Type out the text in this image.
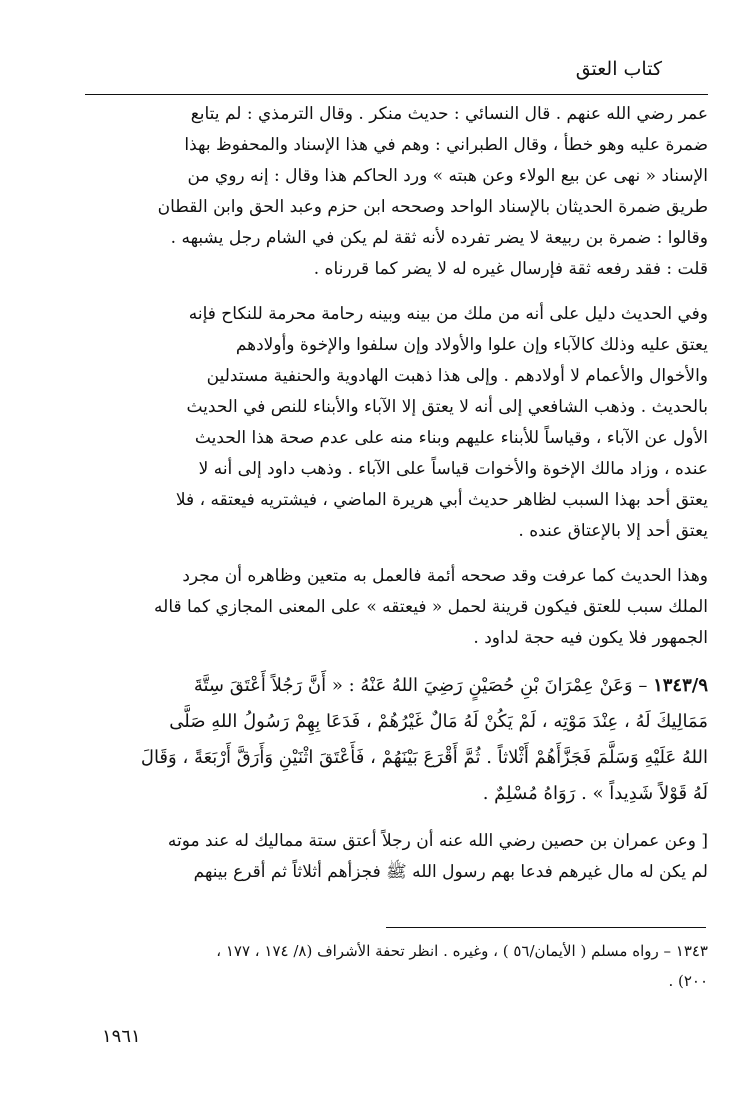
كتاب العتق
عمر رضي الله عنهم . قال النسائي : حديث منكر . وقال الترمذي : لم يتابع
ضمرة عليه وهو خطأ ، وقال الطبراني : وهم في هذا الإسناد والمحفوظ بهذا
الإسناد « نهى عن بيع الولاء وعن هبته » ورد الحاكم هذا وقال : إنه روي من
طريق ضمرة الحديثان بالإسناد الواحد وصححه ابن حزم وعبد الحق وابن القطان
وقالوا : ضمرة بن ربيعة لا يضر تفرده لأنه ثقة لم يكن في الشام رجل يشبهه .
قلت : فقد رفعه ثقة فإرسال غيره له لا يضر كما قررناه .
وفي الحديث دليل على أنه من ملك من بينه وبينه رحامة محرمة للنكاح فإنه
يعتق عليه وذلك كالآباء وإن علوا والأولاد وإن سلفوا والإخوة وأولادهم
والأخوال والأعمام لا أولادهم . وإلى هذا ذهبت الهادوية والحنفية مستدلين
بالحديث . وذهب الشافعي إلى أنه لا يعتق إلا الآباء والأبناء للنص في الحديث
الأول عن الآباء ، وقياساً للأبناء عليهم وبناء منه على عدم صحة هذا الحديث
عنده ، وزاد مالك الإخوة والأخوات قياساً على الآباء . وذهب داود إلى أنه لا
يعتق أحد بهذا السبب لظاهر حديث أبي هريرة الماضي ، فيشتريه فيعتقه ، فلا
يعتق أحد إلا بالإعتاق عنده .
وهذا الحديث كما عرفت وقد صححه أئمة فالعمل به متعين وظاهره أن مجرد
الملك سبب للعتق فيكون قرينة لحمل « فيعتقه » على المعنى المجازي كما قاله
الجمهور فلا يكون فيه حجة لداود .
١٣٤٣/٩ – وَعَنْ عِمْرَانَ بْنِ حُصَيْنٍ رَضِيَ اللهُ عَنْهُ : « أَنَّ رَجُلاً أَعْتَقَ سِتَّةَ
مَمَالِيكَ لَهُ ، عِنْدَ مَوْتِه ، لَمْ يَكُنْ لَهُ مَالٌ غَيْرُهُمْ ، فَدَعَا بِهِمْ رَسُولُ اللهِ صَلَّى
اللهُ عَلَيْهِ وَسَلَّمَ فَجَزَّأَهُمْ أَثْلاثاً . ثُمَّ أَقْرَعَ بَيْنَهُمْ ، فَأَعْتَقَ اثْنَيْنِ وَأَرَقَّ أَرْبَعَةً ، وَقَالَ
لَهُ قَوْلاً شَدِيداً » . رَوَاهُ مُسْلِمٌ .
[ وعن عمران بن حصين رضي الله عنه أن رجلاً أعتق ستة مماليك له عند موته
لم يكن له مال غيرهم فدعا بهم رسول الله ﷺ فجزأهم أثلاثاً ثم أقرع بينهم
١٣٤٣ – رواه مسلم ( الأيمان/٥٦ ) ، وغيره . انظر تحفة الأشراف (٨/ ١٧٤ ، ١٧٧ ،
٢٠٠) .
١٩٦١
